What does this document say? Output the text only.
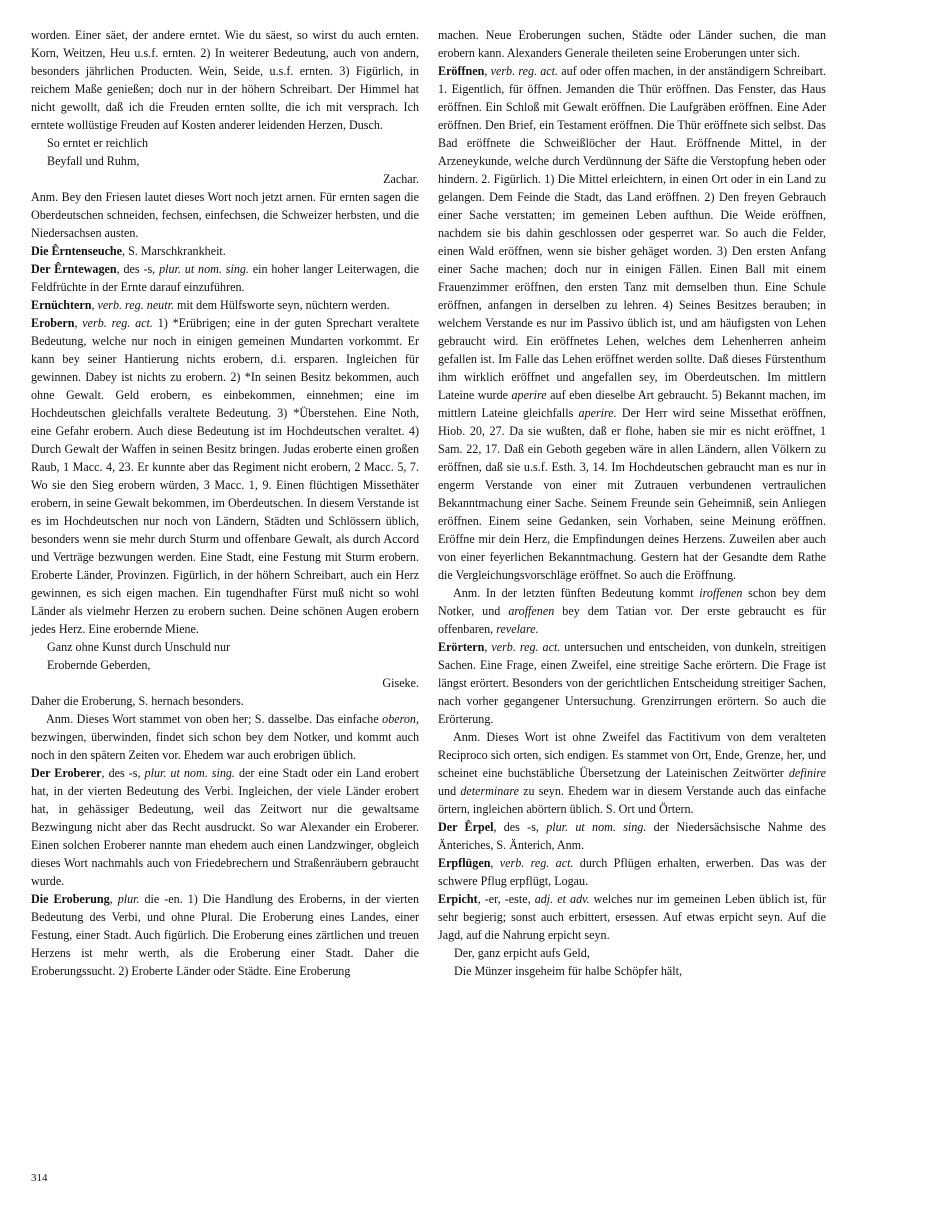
worden. Einer säet, der andere erntet. Wie du säest, so wirst du auch ernten. Korn, Weitzen, Heu u.s.f. ernten. 2) In weiterer Bedeutung, auch von andern, besonders jährlichen Producten. Wein, Seide, u.s.f. ernten. 3) Figürlich, in reichem Maße genießen; doch nur in der höhern Schreibart. Der Himmel hat nicht gewollt, daß ich die Freuden ernten sollte, die ich mit versprach. Ich erntete wollüstige Freuden auf Kosten anderer leidenden Herzen, Dusch.
So erntet er reichlich
Beyfall und Ruhm,
Zachar.
Anm. Bey den Friesen lautet dieses Wort noch jetzt arnen. Für ernten sagen die Oberdeutschen schneiden, fechsen, einfechsen, die Schweizer herbsten, und die Niedersachsen austen.
Die Êrntenseuche, S. Marschkrankheit.
Der Êrntewagen, des -s, plur. ut nom. sing. ein hoher langer Leiterwagen, die Feldfrüchte in der Ernte darauf einzuführen.
Ernüchtern, verb. reg. neutr. mit dem Hülfsworte seyn, nüchtern werden.
Erobern, verb. reg. act. 1) *Erübrigen; eine in der guten Sprechart veraltete Bedeutung, welche nur noch in einigen gemeinen Mundarten vorkommt. Er kann bey seiner Hantierung nichts erobern, d.i. ersparen. Ingleichen für gewinnen. Dabey ist nichts zu erobern. 2) *In seinen Besitz bekommen, auch ohne Gewalt. Geld erobern, es einbekommen, einnehmen; eine im Hochdeutschen gleichfalls veraltete Bedeutung. 3) *Überstehen. Eine Noth, eine Gefahr erobern. Auch diese Bedeutung ist im Hochdeutschen veraltet. 4) Durch Gewalt der Waffen in seinen Besitz bringen. Judas eroberte einen großen Raub, 1 Macc. 4, 23. Er kunnte aber das Regiment nicht erobern, 2 Macc. 5, 7. Wo sie den Sieg erobern würden, 3 Macc. 1, 9. Einen flüchtigen Missethäter erobern, in seine Gewalt bekommen, im Oberdeutschen. In diesem Verstande ist es im Hochdeutschen nur noch von Ländern, Städten und Schlössern üblich, besonders wenn sie mehr durch Sturm und offenbare Gewalt, als durch Accord und Verträge bezwungen werden. Eine Stadt, eine Festung mit Sturm erobern. Eroberte Länder, Provinzen. Figürlich, in der höhern Schreibart, auch ein Herz gewinnen, es sich eigen machen. Ein tugendhafter Fürst muß nicht so wohl Länder als vielmehr Herzen zu erobern suchen. Deine schönen Augen erobern jedes Herz. Eine erobernde Miene.
Ganz ohne Kunst durch Unschuld nur
Erobernde Geberden,
Giseke.
Daher die Eroberung, S. hernach besonders.
Anm. Dieses Wort stammet von oben her; S. dasselbe. Das einfache oberon, bezwingen, überwinden, findet sich schon bey dem Notker, und kommt auch noch in den spätern Zeiten vor. Ehedem war auch erobrigen üblich.
Der Eroberer, des -s, plur. ut nom. sing. der eine Stadt oder ein Land erobert hat, in der vierten Bedeutung des Verbi. Ingleichen, der viele Länder erobert hat, in gehässiger Bedeutung, weil das Zeitwort nur die gewaltsame Bezwingung nicht aber das Recht ausdruckt. So war Alexander ein Eroberer. Einen solchen Eroberer nannte man ehedem auch einen Landzwinger, obgleich dieses Wort nachmahls auch von Friedebrechern und Straßenräubern gebraucht wurde.
Die Eroberung, plur. die -en. 1) Die Handlung des Eroberns, in der vierten Bedeutung des Verbi, und ohne Plural. Die Eroberung eines Landes, einer Festung, einer Stadt. Auch figürlich. Die Eroberung eines zärtlichen und treuen Herzens ist mehr werth, als die Eroberung einer Stadt. Daher die Eroberungssucht. 2) Eroberte Länder oder Städte. Eine Eroberung
machen. Neue Eroberungen suchen, Städte oder Länder suchen, die man erobern kann. Alexanders Generale theileten seine Eroberungen unter sich.
Eröffnen, verb. reg. act. auf oder offen machen, in der anständigern Schreibart. 1. Eigentlich, für öffnen. Jemanden die Thür eröffnen. Das Fenster, das Haus eröffnen. Ein Schloß mit Gewalt eröffnen. Die Laufgräben eröffnen. Eine Ader eröffnen. Den Brief, ein Testament eröffnen. Die Thür eröffnete sich selbst. Das Bad eröffnete die Schweißlöcher der Haut. Eröffnende Mittel, in der Arzeneykunde, welche durch Verdünnung der Säfte die Verstopfung heben oder hindern. 2. Figürlich. 1) Die Mittel erleichtern, in einen Ort oder in ein Land zu gelangen. Dem Feinde die Stadt, das Land eröffnen. 2) Den freyen Gebrauch einer Sache verstatten; im gemeinen Leben aufthun. Die Weide eröffnen, nachdem sie bis dahin geschlossen oder gesperret war. So auch die Felder, einen Wald eröffnen, wenn sie bisher gehäget worden. 3) Den ersten Anfang einer Sache machen; doch nur in einigen Fällen. Einen Ball mit einem Frauenzimmer eröffnen, den ersten Tanz mit demselben thun. Eine Schule eröffnen, anfangen in derselben zu lehren. 4) Seines Besitzes berauben; in welchem Verstande es nur im Passivo üblich ist, und am häufigsten von Lehen gebraucht wird. Ein eröffnetes Lehen, welches dem Lehenherren anheim gefallen ist. Im Falle das Lehen eröffnet werden sollte. Daß dieses Fürstenthum ihm wirklich eröffnet und angefallen sey, im Oberdeutschen. Im mittlern Lateine wurde aperire auf eben dieselbe Art gebraucht. 5) Bekannt machen, im mittlern Lateine gleichfalls aperire. Der Herr wird seine Missethat eröffnen, Hiob. 20, 27. Da sie wußten, daß er flohe, haben sie mir es nicht eröffnet, 1 Sam. 22, 17. Daß ein Geboth gegeben wäre in allen Ländern, allen Völkern zu eröffnen, daß sie u.s.f. Esth. 3, 14. Im Hochdeutschen gebraucht man es nur in engerm Verstande von einer mit Zutrauen verbundenen vertraulichen Bekanntmachung einer Sache. Seinem Freunde sein Geheimniß, sein Anliegen eröffnen. Einem seine Gedanken, sein Vorhaben, seine Meinung eröffnen. Eröffne mir dein Herz, die Empfindungen deines Herzens. Zuweilen aber auch von einer feyerlichen Bekanntmachung. Gestern hat der Gesandte dem Rathe die Vergleichungsvorschläge eröffnet. So auch die Eröffnung.
Anm. In der letzten fünften Bedeutung kommt iroffenen schon bey dem Notker, und aroffenen bey dem Tatian vor. Der erste gebraucht es für offenbaren, revelare.
Erörtern, verb. reg. act. untersuchen und entscheiden, von dunkeln, streitigen Sachen. Eine Frage, einen Zweifel, eine streitige Sache erörtern. Die Frage ist längst erörtert. Besonders von der gerichtlichen Entscheidung streitiger Sachen, nach vorher gegangener Untersuchung. Grenzirrungen erörtern. So auch die Erörterung.
Anm. Dieses Wort ist ohne Zweifel das Factitivum von dem veralteten Reciproco sich orten, sich endigen. Es stammet von Ort, Ende, Grenze, her, und scheinet eine buchstäbliche Übersetzung der Lateinischen Zeitwörter definire und determinare zu seyn. Ehedem war in diesem Verstande auch das einfache örtern, ingleichen abörtern üblich. S. Ort und Örtern.
Der Êrpel, des -s, plur. ut nom. sing. der Niedersächsische Nahme des Änteriches, S. Änterich, Anm.
Erpflügen, verb. reg. act. durch Pflügen erhalten, erwerben. Das was der schwere Pflug erpflügt, Logau.
Erpicht, -er, -este, adj. et adv. welches nur im gemeinen Leben üblich ist, für sehr begierig; sonst auch erbittert, ersessen. Auf etwas erpicht seyn. Auf die Jagd, auf die Nahrung erpicht seyn.
Der, ganz erpicht aufs Geld,
Die Münzer insgeheim für halbe Schöpfer hält,
314
